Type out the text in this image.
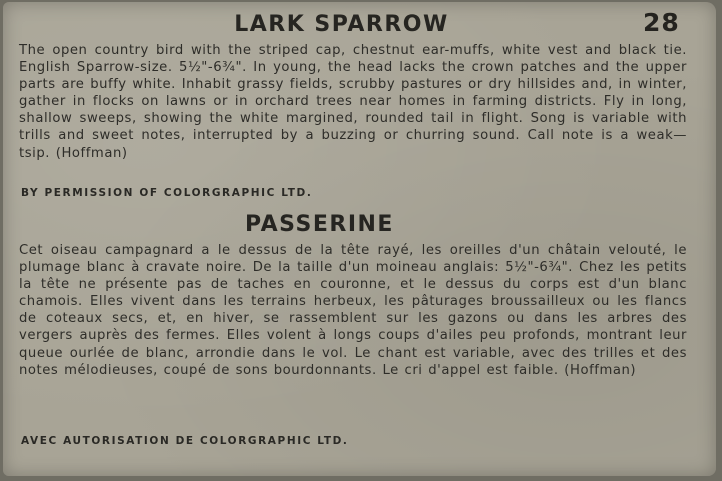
28
LARK SPARROW
The open country bird with the striped cap, chestnut ear-muffs, white vest and black tie. English Sparrow-size. 5½"-6¾". In young, the head lacks the crown patches and the upper parts are buffy white. Inhabit grassy fields, scrubby pastures or dry hillsides and, in winter, gather in flocks on lawns or in orchard trees near homes in farming districts. Fly in long, shallow sweeps, showing the white margined, rounded tail in flight. Song is variable with trills and sweet notes, interrupted by a buzzing or churring sound. Call note is a weak—tsip. (Hoffman)
BY PERMISSION OF COLORGRAPHIC LTD.
PASSERINE
Cet oiseau campagnard a le dessus de la tête rayé, les oreilles d'un châtain velouté, le plumage blanc à cravate noire. De la taille d'un moineau anglais: 5½"-6¾". Chez les petits la tête ne présente pas de taches en couronne, et le dessus du corps est d'un blanc chamois. Elles vivent dans les terrains herbeux, les pâturages broussailleux ou les flancs de coteaux secs, et, en hiver, se rassemblent sur les gazons ou dans les arbres des vergers auprès des fermes. Elles volent à longs coups d'ailes peu profonds, montrant leur queue ourlée de blanc, arrondie dans le vol. Le chant est variable, avec des trilles et des notes mélodieuses, coupé de sons bourdonnants. Le cri d'appel est faible. (Hoffman)
AVEC AUTORISATION DE COLORGRAPHIC LTD.
